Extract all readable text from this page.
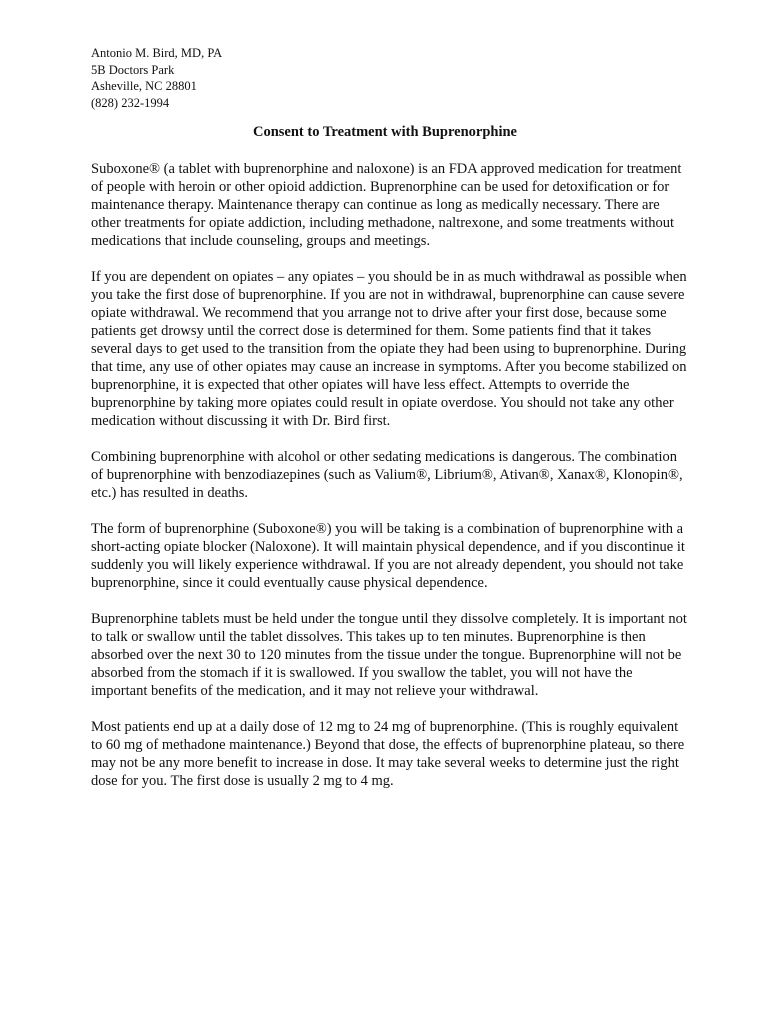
Antonio M. Bird, MD, PA
5B Doctors Park
Asheville, NC 28801
(828) 232-1994
Consent to Treatment with Buprenorphine

Suboxone® (a tablet with buprenorphine and naloxone) is an FDA approved medication for treatment of people with heroin or other opioid addiction. Buprenorphine can be used for detoxification or for maintenance therapy. Maintenance therapy can continue as long as medically necessary. There are other treatments for opiate addiction, including methadone, naltrexone, and some treatments without medications that include counseling, groups and meetings.

If you are dependent on opiates – any opiates – you should be in as much withdrawal as possible when you take the first dose of buprenorphine. If you are not in withdrawal, buprenorphine can cause severe opiate withdrawal. We recommend that you arrange not to drive after your first dose, because some patients get drowsy until the correct dose is determined for them. Some patients find that it takes several days to get used to the transition from the opiate they had been using to buprenorphine. During that time, any use of other opiates may cause an increase in symptoms. After you become stabilized on buprenorphine, it is expected that other opiates will have less effect. Attempts to override the buprenorphine by taking more opiates could result in opiate overdose. You should not take any other medication without discussing it with Dr. Bird first.

Combining buprenorphine with alcohol or other sedating medications is dangerous. The combination of buprenorphine with benzodiazepines (such as Valium®, Librium®, Ativan®, Xanax®, Klonopin®, etc.) has resulted in deaths.

The form of buprenorphine (Suboxone®) you will be taking is a combination of buprenorphine with a short-acting opiate blocker (Naloxone). It will maintain physical dependence, and if you discontinue it suddenly you will likely experience withdrawal. If you are not already dependent, you should not take buprenorphine, since it could eventually cause physical dependence.

Buprenorphine tablets must be held under the tongue until they dissolve completely. It is important not to talk or swallow until the tablet dissolves. This takes up to ten minutes. Buprenorphine is then absorbed over the next 30 to 120 minutes from the tissue under the tongue. Buprenorphine will not be absorbed from the stomach if it is swallowed. If you swallow the tablet, you will not have the important benefits of the medication, and it may not relieve your withdrawal.

Most patients end up at a daily dose of 12 mg to 24 mg of buprenorphine. (This is roughly equivalent to 60 mg of methadone maintenance.) Beyond that dose, the effects of buprenorphine plateau, so there may not be any more benefit to increase in dose. It may take several weeks to determine just the right dose for you. The first dose is usually 2 mg to 4 mg.
